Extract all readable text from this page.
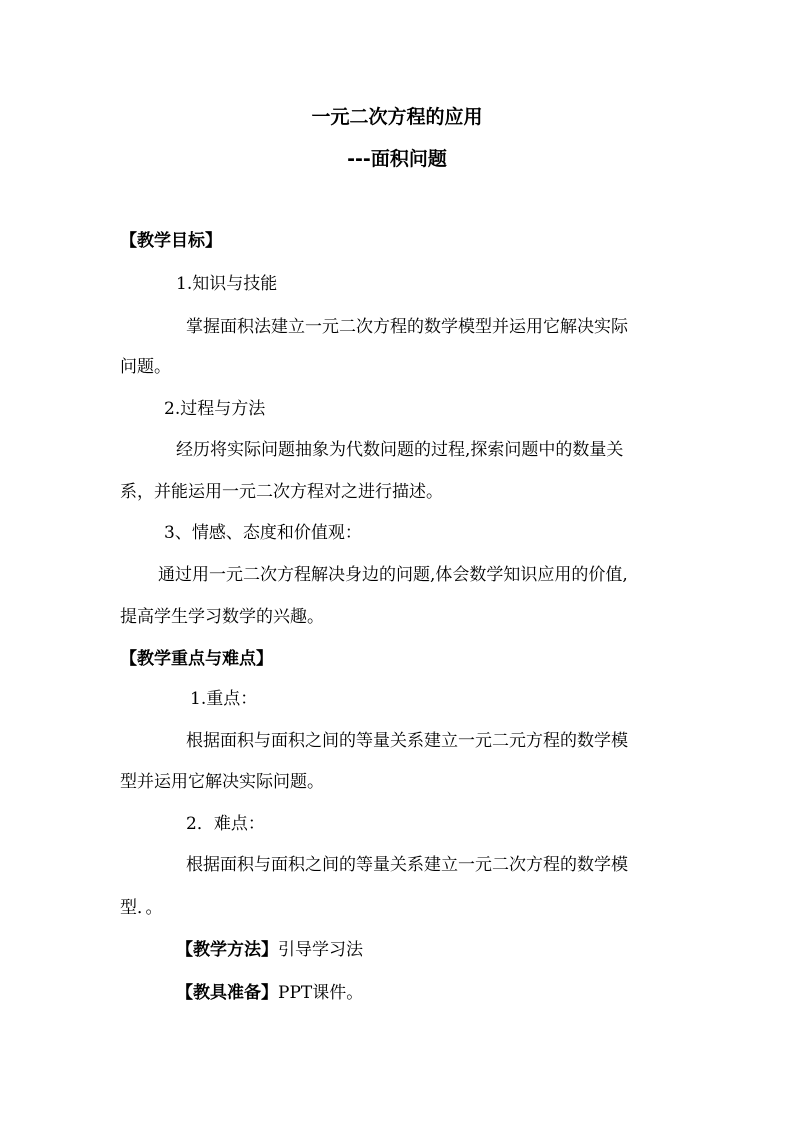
一元二次方程的应用
---面积问题
【教学目标】
1.知识与技能
掌握面积法建立一元二次方程的数学模型并运用它解决实际
问题。
2.过程与方法
经历将实际问题抽象为代数问题的过程,探索问题中的数量关
系，并能运用一元二次方程对之进行描述。
3、情感、态度和价值观：
通过用一元二次方程解决身边的问题,体会数学知识应用的价值,
提高学生学习数学的兴趣。
【教学重点与难点】
1.重点：
根据面积与面积之间的等量关系建立一元二元方程的数学模
型并运用它解决实际问题。
2．难点：
根据面积与面积之间的等量关系建立一元二次方程的数学模
型．。
【教学方法】引导学习法
【教具准备】PPT课件。
